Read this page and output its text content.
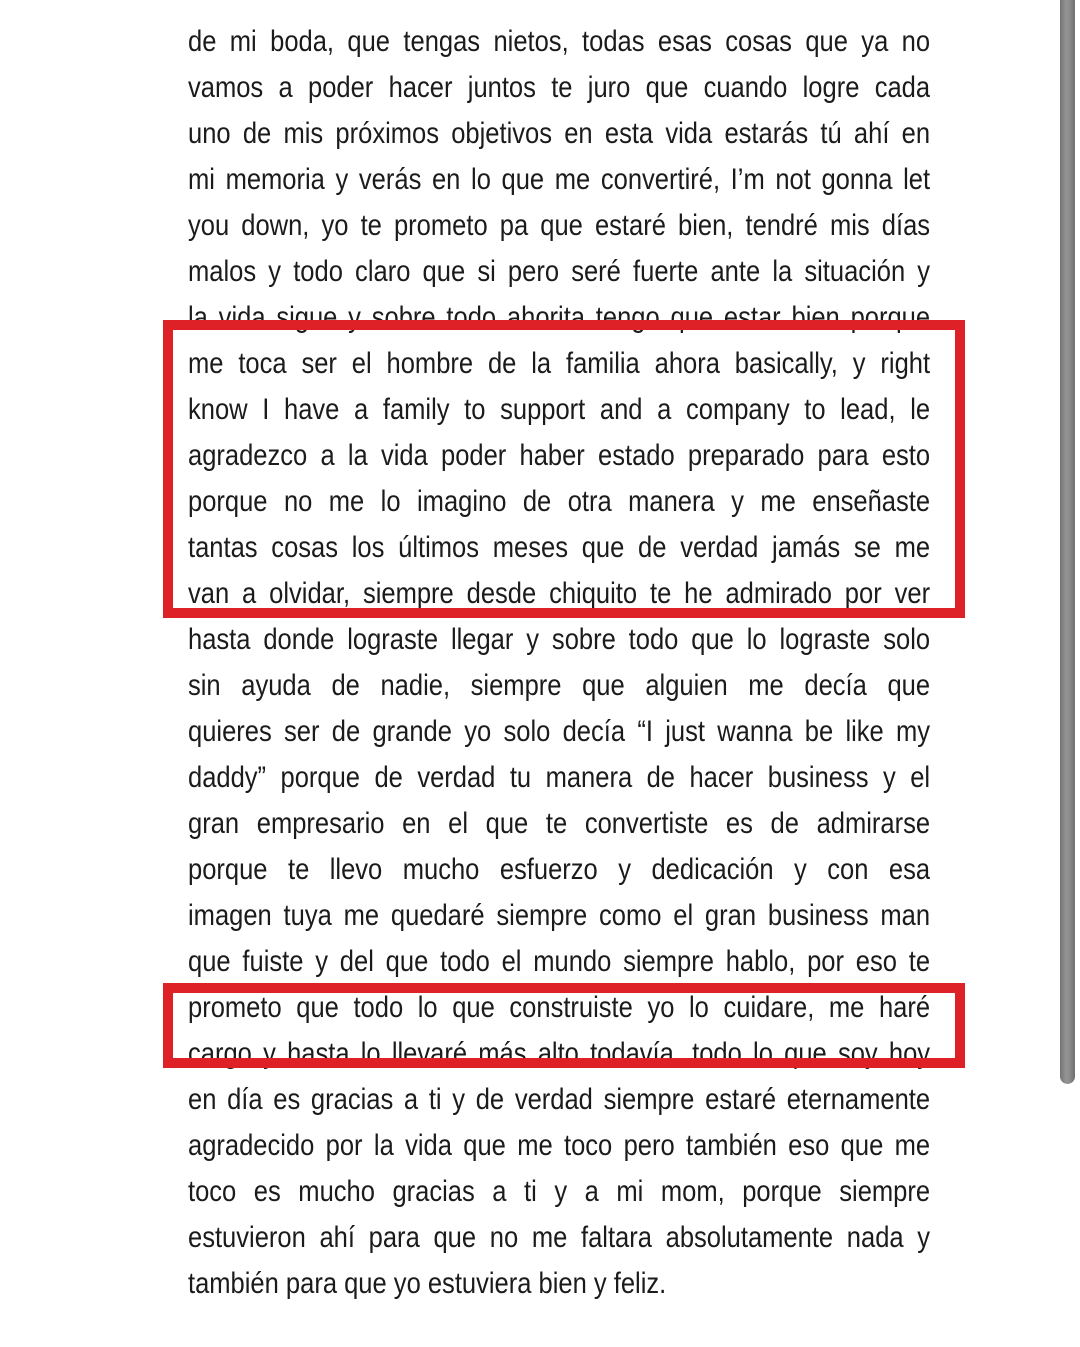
de mi boda, que tengas nietos, todas esas cosas que ya no
vamos a poder hacer juntos te juro que cuando logre cada
uno de mis próximos objetivos en esta vida estarás tú ahí en
mi memoria y verás en lo que me convertiré, I’m not gonna let
you down, yo te prometo pa que estaré bien, tendré mis días
malos y todo claro que si pero seré fuerte ante la situación y
la vida sigue y sobre todo ahorita tengo que estar bien porque
me toca ser el hombre de la familia ahora basically, y right
know I have a family to support and a company to lead, le
agradezco a la vida poder haber estado preparado para esto
porque no me lo imagino de otra manera y me enseñaste
tantas cosas los últimos meses que de verdad jamás se me
van a olvidar, siempre desde chiquito te he admirado por ver
hasta donde lograste llegar y sobre todo que lo lograste solo
sin ayuda de nadie, siempre que alguien me decía que
quieres ser de grande yo solo decía “I just wanna be like my
daddy” porque de verdad tu manera de hacer business y el
gran empresario en el que te convertiste es de admirarse
porque te llevo mucho esfuerzo y dedicación y con esa
imagen tuya me quedaré siempre como el gran business man
que fuiste y del que todo el mundo siempre hablo, por eso te
prometo que todo lo que construiste yo lo cuidare, me haré
cargo y hasta lo llevaré más alto todavía, todo lo que soy hoy
en día es gracias a ti y de verdad siempre estaré eternamente
agradecido por la vida que me toco pero también eso que me
toco es mucho gracias a ti y a mi mom, porque siempre
estuvieron ahí para que no me faltara absolutamente nada y
también para que yo estuviera bien y feliz.
